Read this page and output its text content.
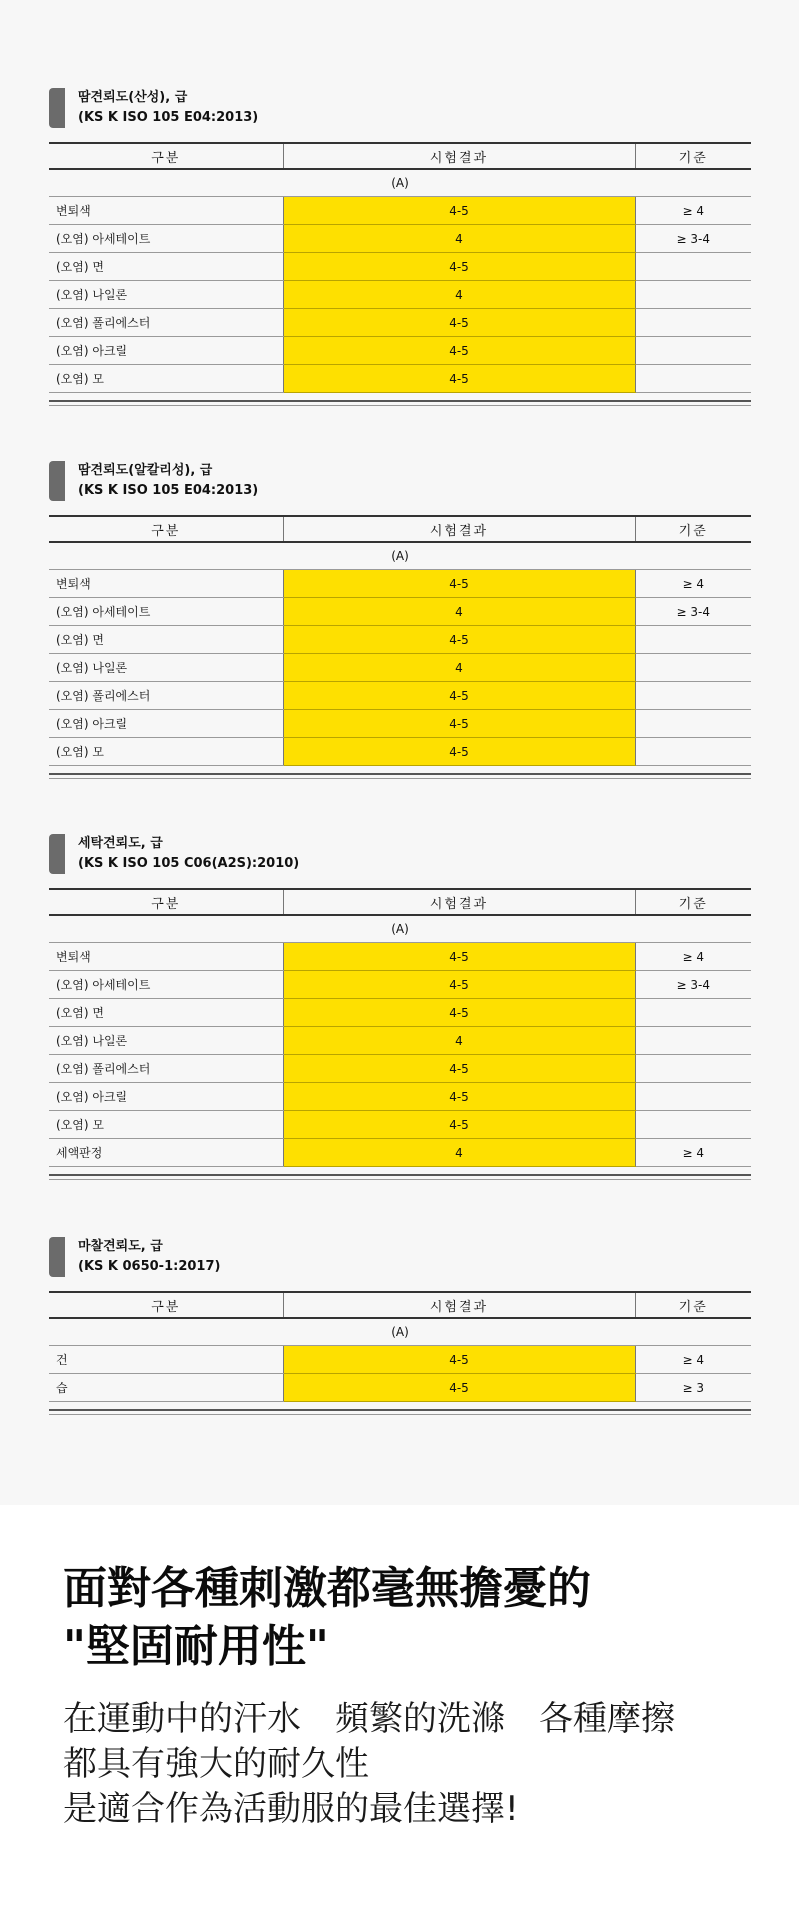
땀견뢰도(산성), 급
(KS K ISO 105 E04:2013)
구분	시험결과	기준
(A)		
변퇴색	4-5	≥ 4
(오염) 아세테이트	4	≥ 3-4
(오염) 면	4-5	
(오염) 나일론	4	
(오염) 폴리에스터	4-5	
(오염) 아크릴	4-5	
(오염) 모	4-5	
땀견뢰도(알칼리성), 급
(KS K ISO 105 E04:2013)
구분	시험결과	기준
(A)		
변퇴색	4-5	≥ 4
(오염) 아세테이트	4	≥ 3-4
(오염) 면	4-5	
(오염) 나일론	4	
(오염) 폴리에스터	4-5	
(오염) 아크릴	4-5	
(오염) 모	4-5	
세탁견뢰도, 급
(KS K ISO 105 C06(A2S):2010)
구분	시험결과	기준
(A)		
변퇴색	4-5	≥ 4
(오염) 아세테이트	4-5	≥ 3-4
(오염) 면	4-5	
(오염) 나일론	4	
(오염) 폴리에스터	4-5	
(오염) 아크릴	4-5	
(오염) 모	4-5	
세액판정	4	≥ 4
마찰견뢰도, 급
(KS K 0650-1:2017)
구분	시험결과	기준
(A)		
건	4-5	≥ 4
습	4-5	≥ 3
面對各種刺激都毫無擔憂的
"堅固耐用性"
在運動中的汗水 頻繁的洗滌 各種摩擦
都具有強大的耐久性
是適合作為活動服的最佳選擇!
